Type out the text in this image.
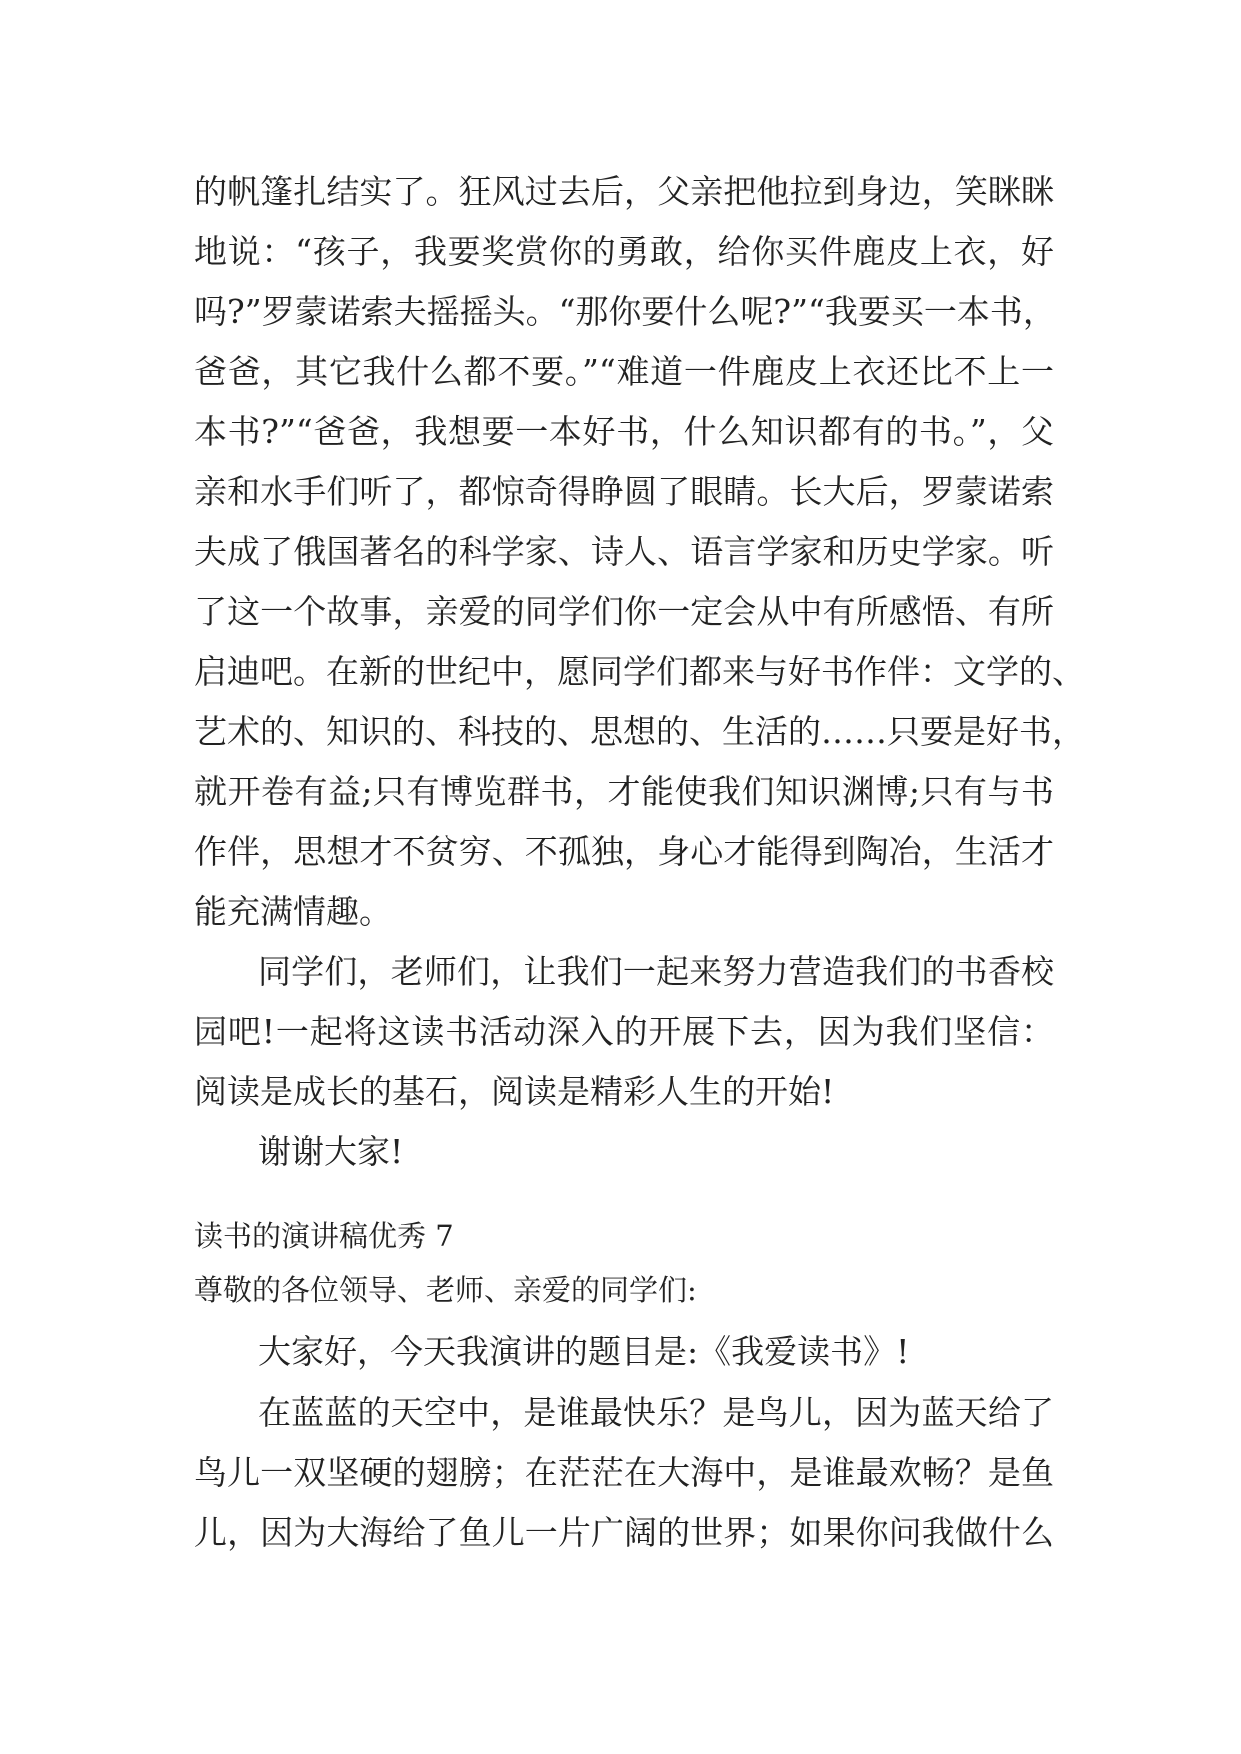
的帆篷扎结实了。狂风过去后，父亲把他拉到身边，笑眯眯
地说：“孩子，我要奖赏你的勇敢，给你买件鹿皮上衣，好
吗?”罗蒙诺索夫摇摇头。“那你要什么呢?”“我要买一本书，
爸爸，其它我什么都不要。”“难道一件鹿皮上衣还比不上一
本书?”“爸爸，我想要一本好书，什么知识都有的书。”，父
亲和水手们听了，都惊奇得睁圆了眼睛。长大后，罗蒙诺索
夫成了俄国著名的科学家、诗人、语言学家和历史学家。听
了这一个故事，亲爱的同学们你一定会从中有所感悟、有所
启迪吧。在新的世纪中，愿同学们都来与好书作伴：文学的、
艺术的、知识的、科技的、思想的、生活的……只要是好书，
就开卷有益;只有博览群书，才能使我们知识渊博;只有与书
作伴，思想才不贫穷、不孤独，身心才能得到陶冶，生活才
能充满情趣。
同学们，老师们，让我们一起来努力营造我们的书香校
园吧!一起将这读书活动深入的开展下去，因为我们坚信：
阅读是成长的基石，阅读是精彩人生的开始!
谢谢大家!
读书的演讲稿优秀 7
尊敬的各位领导、老师、亲爱的同学们:
大家好，今天我演讲的题目是:《我爱读书》!
在蓝蓝的天空中，是谁最快乐？是鸟儿，因为蓝天给了
鸟儿一双坚硬的翅膀；在茫茫在大海中，是谁最欢畅？是鱼
儿，因为大海给了鱼儿一片广阔的世界；如果你问我做什么
